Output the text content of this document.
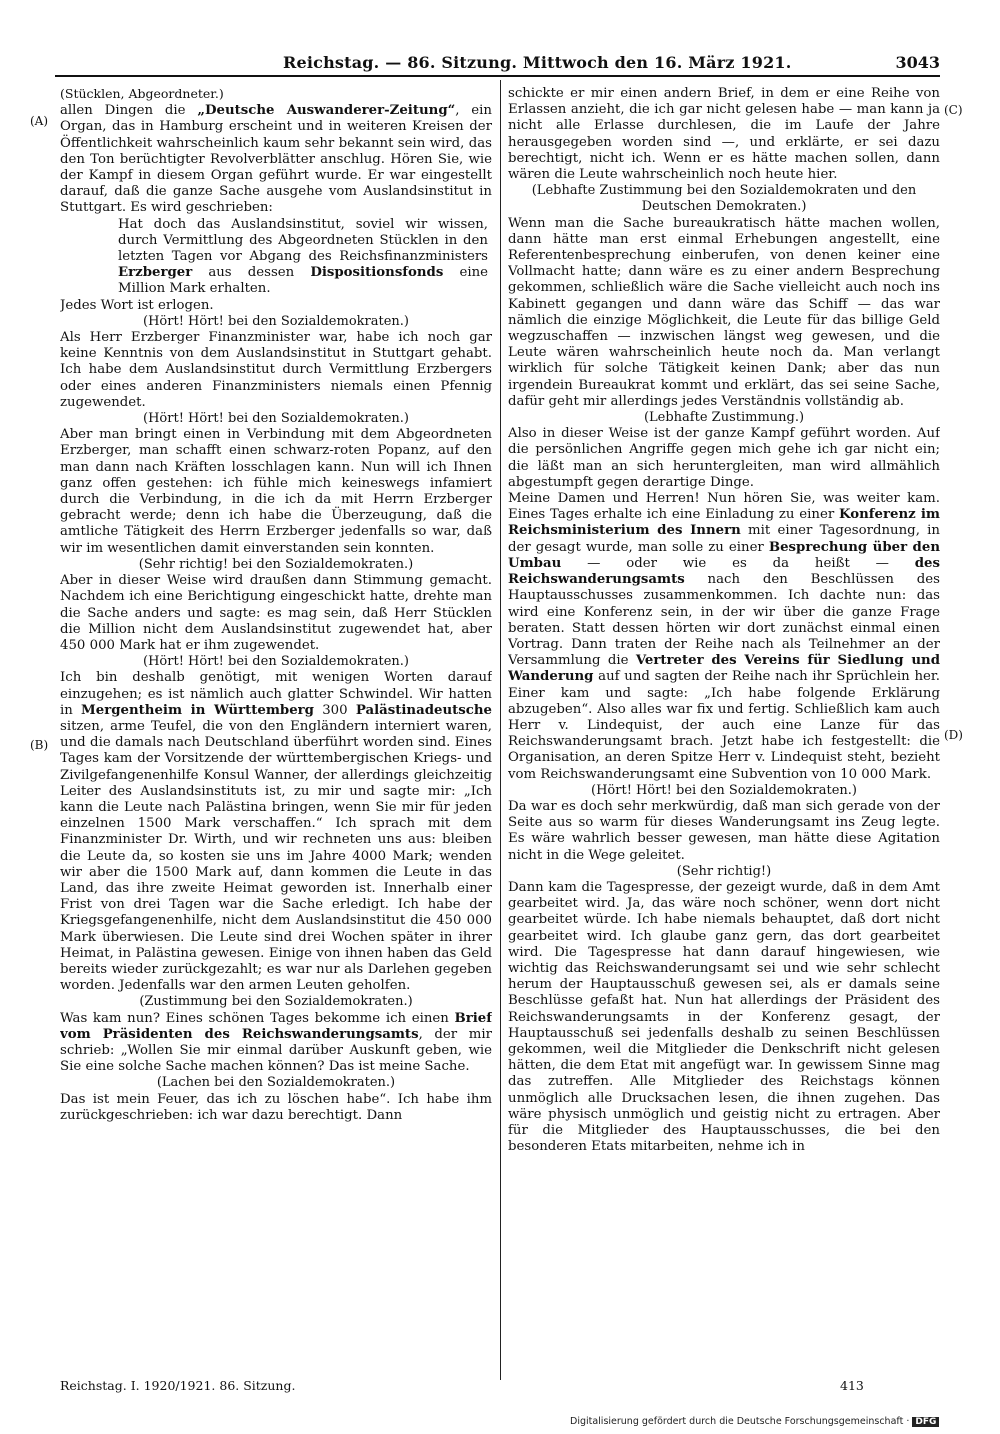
Reichstag. — 86. Sitzung. Mittwoch den 16. März 1921.	3043
(A)
(B)
(C)
(D)

(Stücklen, Abgeordneter.)

allen Dingen die „Deutsche Auswanderer-Zeitung“, ein Organ, das in Hamburg erscheint und in weiteren Kreisen der Öffentlichkeit wahrscheinlich kaum sehr bekannt sein wird, das den Ton berüchtigter Revolverblätter anschlug. Hören Sie, wie der Kampf in diesem Organ geführt wurde. Er war eingestellt darauf, daß die ganze Sache ausgehe vom Auslandsinstitut in Stuttgart. Es wird geschrieben:

Hat doch das Auslandsinstitut, soviel wir wissen, durch Vermittlung des Abgeordneten Stücklen in den letzten Tagen vor Abgang des Reichsfinanzministers Erzberger aus dessen Dispositionsfonds eine Million Mark erhalten.

Jedes Wort ist erlogen.

(Hört! Hört! bei den Sozialdemokraten.)

Als Herr Erzberger Finanzminister war, habe ich noch gar keine Kenntnis von dem Auslandsinstitut in Stuttgart gehabt. Ich habe dem Auslandsinstitut durch Vermittlung Erzbergers oder eines anderen Finanzministers niemals einen Pfennig zugewendet.

(Hört! Hört! bei den Sozialdemokraten.)

Aber man bringt einen in Verbindung mit dem Abgeordneten Erzberger, man schafft einen schwarz-roten Popanz, auf den man dann nach Kräften losschlagen kann. Nun will ich Ihnen ganz offen gestehen: ich fühle mich keineswegs infamiert durch die Verbindung, in die ich da mit Herrn Erzberger gebracht werde; denn ich habe die Überzeugung, daß die amtliche Tätigkeit des Herrn Erzberger jedenfalls so war, daß wir im wesentlichen damit einverstanden sein konnten.

(Sehr richtig! bei den Sozialdemokraten.)

Aber in dieser Weise wird draußen dann Stimmung gemacht. Nachdem ich eine Berichtigung eingeschickt hatte, drehte man die Sache anders und sagte: es mag sein, daß Herr Stücklen die Million nicht dem Auslandsinstitut zugewendet hat, aber 450 000 Mark hat er ihm zugewendet.

(Hört! Hört! bei den Sozialdemokraten.)

Ich bin deshalb genötigt, mit wenigen Worten darauf einzugehen; es ist nämlich auch glatter Schwindel. Wir hatten in Mergentheim in Württemberg 300 Palästinadeutsche sitzen, arme Teufel, die von den Engländern interniert waren, und die damals nach Deutschland überführt worden sind. Eines Tages kam der Vorsitzende der württembergischen Kriegs- und Zivilgefangenenhilfe Konsul Wanner, der allerdings gleichzeitig Leiter des Auslandsinstituts ist, zu mir und sagte mir: „Ich kann die Leute nach Palästina bringen, wenn Sie mir für jeden einzelnen 1500 Mark verschaffen.“ Ich sprach mit dem Finanzminister Dr. Wirth, und wir rechneten uns aus: bleiben die Leute da, so kosten sie uns im Jahre 4000 Mark; wenden wir aber die 1500 Mark auf, dann kommen die Leute in das Land, das ihre zweite Heimat geworden ist. Innerhalb einer Frist von drei Tagen war die Sache erledigt. Ich habe der Kriegsgefangenenhilfe, nicht dem Auslandsinstitut die 450 000 Mark überwiesen. Die Leute sind drei Wochen später in ihrer Heimat, in Palästina gewesen. Einige von ihnen haben das Geld bereits wieder zurückgezahlt; es war nur als Darlehen gegeben worden. Jedenfalls war den armen Leuten geholfen.

(Zustimmung bei den Sozialdemokraten.)

Was kam nun? Eines schönen Tages bekomme ich einen Brief vom Präsidenten des Reichswanderungsamts, der mir schrieb: „Wollen Sie mir einmal darüber Auskunft geben, wie Sie eine solche Sache machen können? Das ist meine Sache.

(Lachen bei den Sozialdemokraten.)

Das ist mein Feuer, das ich zu löschen habe“. Ich habe ihm zurückgeschrieben: ich war dazu berechtigt. Dann

schickte er mir einen andern Brief, in dem er eine Reihe von Erlassen anzieht, die ich gar nicht gelesen habe — man kann ja nicht alle Erlasse durchlesen, die im Laufe der Jahre herausgegeben worden sind —, und erklärte, er sei dazu berechtigt, nicht ich. Wenn er es hätte machen sollen, dann wären die Leute wahrscheinlich noch heute hier.

(Lebhafte Zustimmung bei den Sozialdemokraten und den Deutschen Demokraten.)

Wenn man die Sache bureaukratisch hätte machen wollen, dann hätte man erst einmal Erhebungen angestellt, eine Referentenbesprechung einberufen, von denen keiner eine Vollmacht hatte; dann wäre es zu einer andern Besprechung gekommen, schließlich wäre die Sache vielleicht auch noch ins Kabinett gegangen und dann wäre das Schiff — das war nämlich die einzige Möglichkeit, die Leute für das billige Geld wegzuschaffen — inzwischen längst weg gewesen, und die Leute wären wahrscheinlich heute noch da. Man verlangt wirklich für solche Tätigkeit keinen Dank; aber das nun irgendein Bureaukrat kommt und erklärt, das sei seine Sache, dafür geht mir allerdings jedes Verständnis vollständig ab.

(Lebhafte Zustimmung.)

Also in dieser Weise ist der ganze Kampf geführt worden. Auf die persönlichen Angriffe gegen mich gehe ich gar nicht ein; die läßt man an sich heruntergleiten, man wird allmählich abgestumpft gegen derartige Dinge.

Meine Damen und Herren! Nun hören Sie, was weiter kam. Eines Tages erhalte ich eine Einladung zu einer Konferenz im Reichsministerium des Innern mit einer Tagesordnung, in der gesagt wurde, man solle zu einer Besprechung über den Umbau — oder wie es da heißt — des Reichswanderungsamts nach den Beschlüssen des Hauptausschusses zusammenkommen. Ich dachte nun: das wird eine Konferenz sein, in der wir über die ganze Frage beraten. Statt dessen hörten wir dort zunächst einmal einen Vortrag. Dann traten der Reihe nach als Teilnehmer an der Versammlung die Vertreter des Vereins für Siedlung und Wanderung auf und sagten der Reihe nach ihr Sprüchlein her. Einer kam und sagte: „Ich habe folgende Erklärung abzugeben“. Also alles war fix und fertig. Schließlich kam auch Herr v. Lindequist, der auch eine Lanze für das Reichswanderungsamt brach. Jetzt habe ich festgestellt: die Organisation, an deren Spitze Herr v. Lindequist steht, bezieht vom Reichswanderungsamt eine Subvention von 10 000 Mark.

(Hört! Hört! bei den Sozialdemokraten.)

Da war es doch sehr merkwürdig, daß man sich gerade von der Seite aus so warm für dieses Wanderungsamt ins Zeug legte. Es wäre wahrlich besser gewesen, man hätte diese Agitation nicht in die Wege geleitet.

(Sehr richtig!)

Dann kam die Tagespresse, der gezeigt wurde, daß in dem Amt gearbeitet wird. Ja, das wäre noch schöner, wenn dort nicht gearbeitet würde. Ich habe niemals behauptet, daß dort nicht gearbeitet wird. Ich glaube ganz gern, das dort gearbeitet wird. Die Tagespresse hat dann darauf hingewiesen, wie wichtig das Reichswanderungsamt sei und wie sehr schlecht herum der Hauptausschuß gewesen sei, als er damals seine Beschlüsse gefaßt hat. Nun hat allerdings der Präsident des Reichswanderungsamts in der Konferenz gesagt, der Hauptausschuß sei jedenfalls deshalb zu seinen Beschlüssen gekommen, weil die Mitglieder die Denkschrift nicht gelesen hätten, die dem Etat mit angefügt war. In gewissem Sinne mag das zutreffen. Alle Mitglieder des Reichstags können unmöglich alle Drucksachen lesen, die ihnen zugehen. Das wäre physisch unmöglich und geistig nicht zu ertragen. Aber für die Mitglieder des Hauptausschusses, die bei den besonderen Etats mitarbeiten, nehme ich in

Reichstag. I. 1920/1921. 86. Sitzung.	413
Digitalisierung gefördert durch die Deutsche Forschungsgemeinschaft · DFG
